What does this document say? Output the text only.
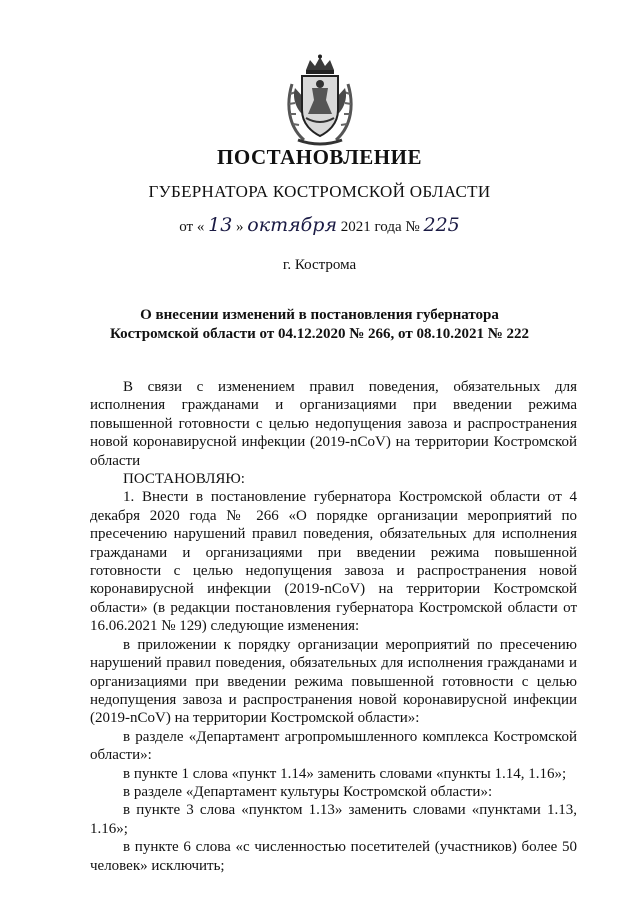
ПОСТАНОВЛЕНИЕ
ГУБЕРНАТОРА КОСТРОМСКОЙ ОБЛАСТИ
от « 13 » октября 2021 года № 225
г. Кострома
О внесении изменений в постановления губернатора
Костромской области от 04.12.2020 № 266, от 08.10.2021 № 222

В связи с изменением правил поведения, обязательных для исполнения гражданами и организациями при введении режима повышенной готовности с целью недопущения завоза и распространения новой коронавирусной инфекции (2019-nCoV) на территории Костромской области

ПОСТАНОВЛЯЮ:

1. Внести в постановление губернатора Костромской области от 4 декабря 2020 года № 266 «О порядке организации мероприятий по пресечению нарушений правил поведения, обязательных для исполнения гражданами и организациями при введении режима повышенной готовности с целью недопущения завоза и распространения новой коронавирусной инфекции (2019-nCoV) на территории Костромской области» (в редакции постановления губернатора Костромской области от 16.06.2021 № 129) следующие изменения:

в приложении к порядку организации мероприятий по пресечению нарушений правил поведения, обязательных для исполнения гражданами и организациями при введении режима повышенной готовности с целью недопущения завоза и распространения новой коронавирусной инфекции (2019-nCoV) на территории Костромской области»:

в разделе «Департамент агропромышленного комплекса Костромской области»:

в пункте 1 слова «пункт 1.14» заменить словами «пункты 1.14, 1.16»;

в разделе «Департамент культуры Костромской области»:

в пункте 3 слова «пунктом 1.13» заменить словами «пунктами 1.13, 1.16»;

в пункте 6 слова «с численностью посетителей (участников) более 50 человек» исключить;
